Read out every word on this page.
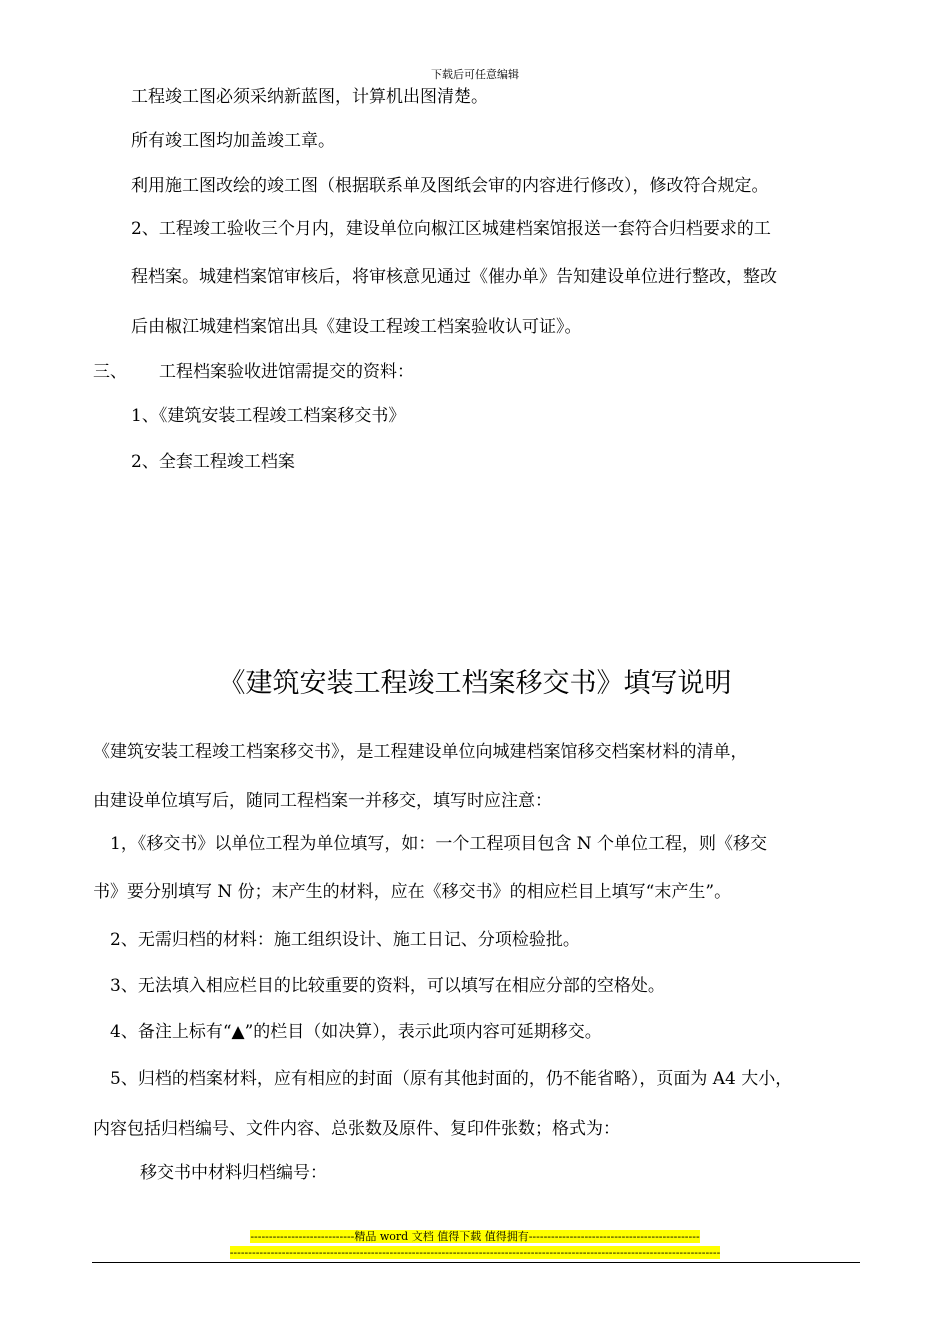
下载后可任意编辑
工程竣工图必须采纳新蓝图，计算机出图清楚。
所有竣工图均加盖竣工章。
利用施工图改绘的竣工图（根据联系单及图纸会审的内容进行修改），修改符合规定。
2、工程竣工验收三个月内，建设单位向椒江区城建档案馆报送一套符合归档要求的工
程档案。城建档案馆审核后，将审核意见通过《催办单》告知建设单位进行整改，整改
后由椒江城建档案馆出具《建设工程竣工档案验收认可证》。
三、 工程档案验收进馆需提交的资料：
1、《建筑安装工程竣工档案移交书》
2、全套工程竣工档案
《建筑安装工程竣工档案移交书》填写说明
《建筑安装工程竣工档案移交书》，是工程建设单位向城建档案馆移交档案材料的清单，
由建设单位填写后，随同工程档案一并移交，填写时应注意：
1，《移交书》以单位工程为单位填写，如：一个工程项目包含 N 个单位工程，则《移交
书》要分别填写 N 份；末产生的材料，应在《移交书》的相应栏目上填写“末产生”。
2、无需归档的材料：施工组织设计、施工日记、分项检验批。
3、无法填入相应栏目的比较重要的资料，可以填写在相应分部的空格处。
4、备注上标有“▲”的栏目（如决算），表示此项内容可延期移交。
5、归档的档案材料，应有相应的封面（原有其他封面的，仍不能省略），页面为 A4 大小，
内容包括归档编号、文件内容、总张数及原件、复印件张数；格式为：
移交书中材料归档编号：
----------------------------精品 word 文档 值得下载 值得拥有----------------------------------------------
------------------------------------------------------------------------------------------------------------------------------------
